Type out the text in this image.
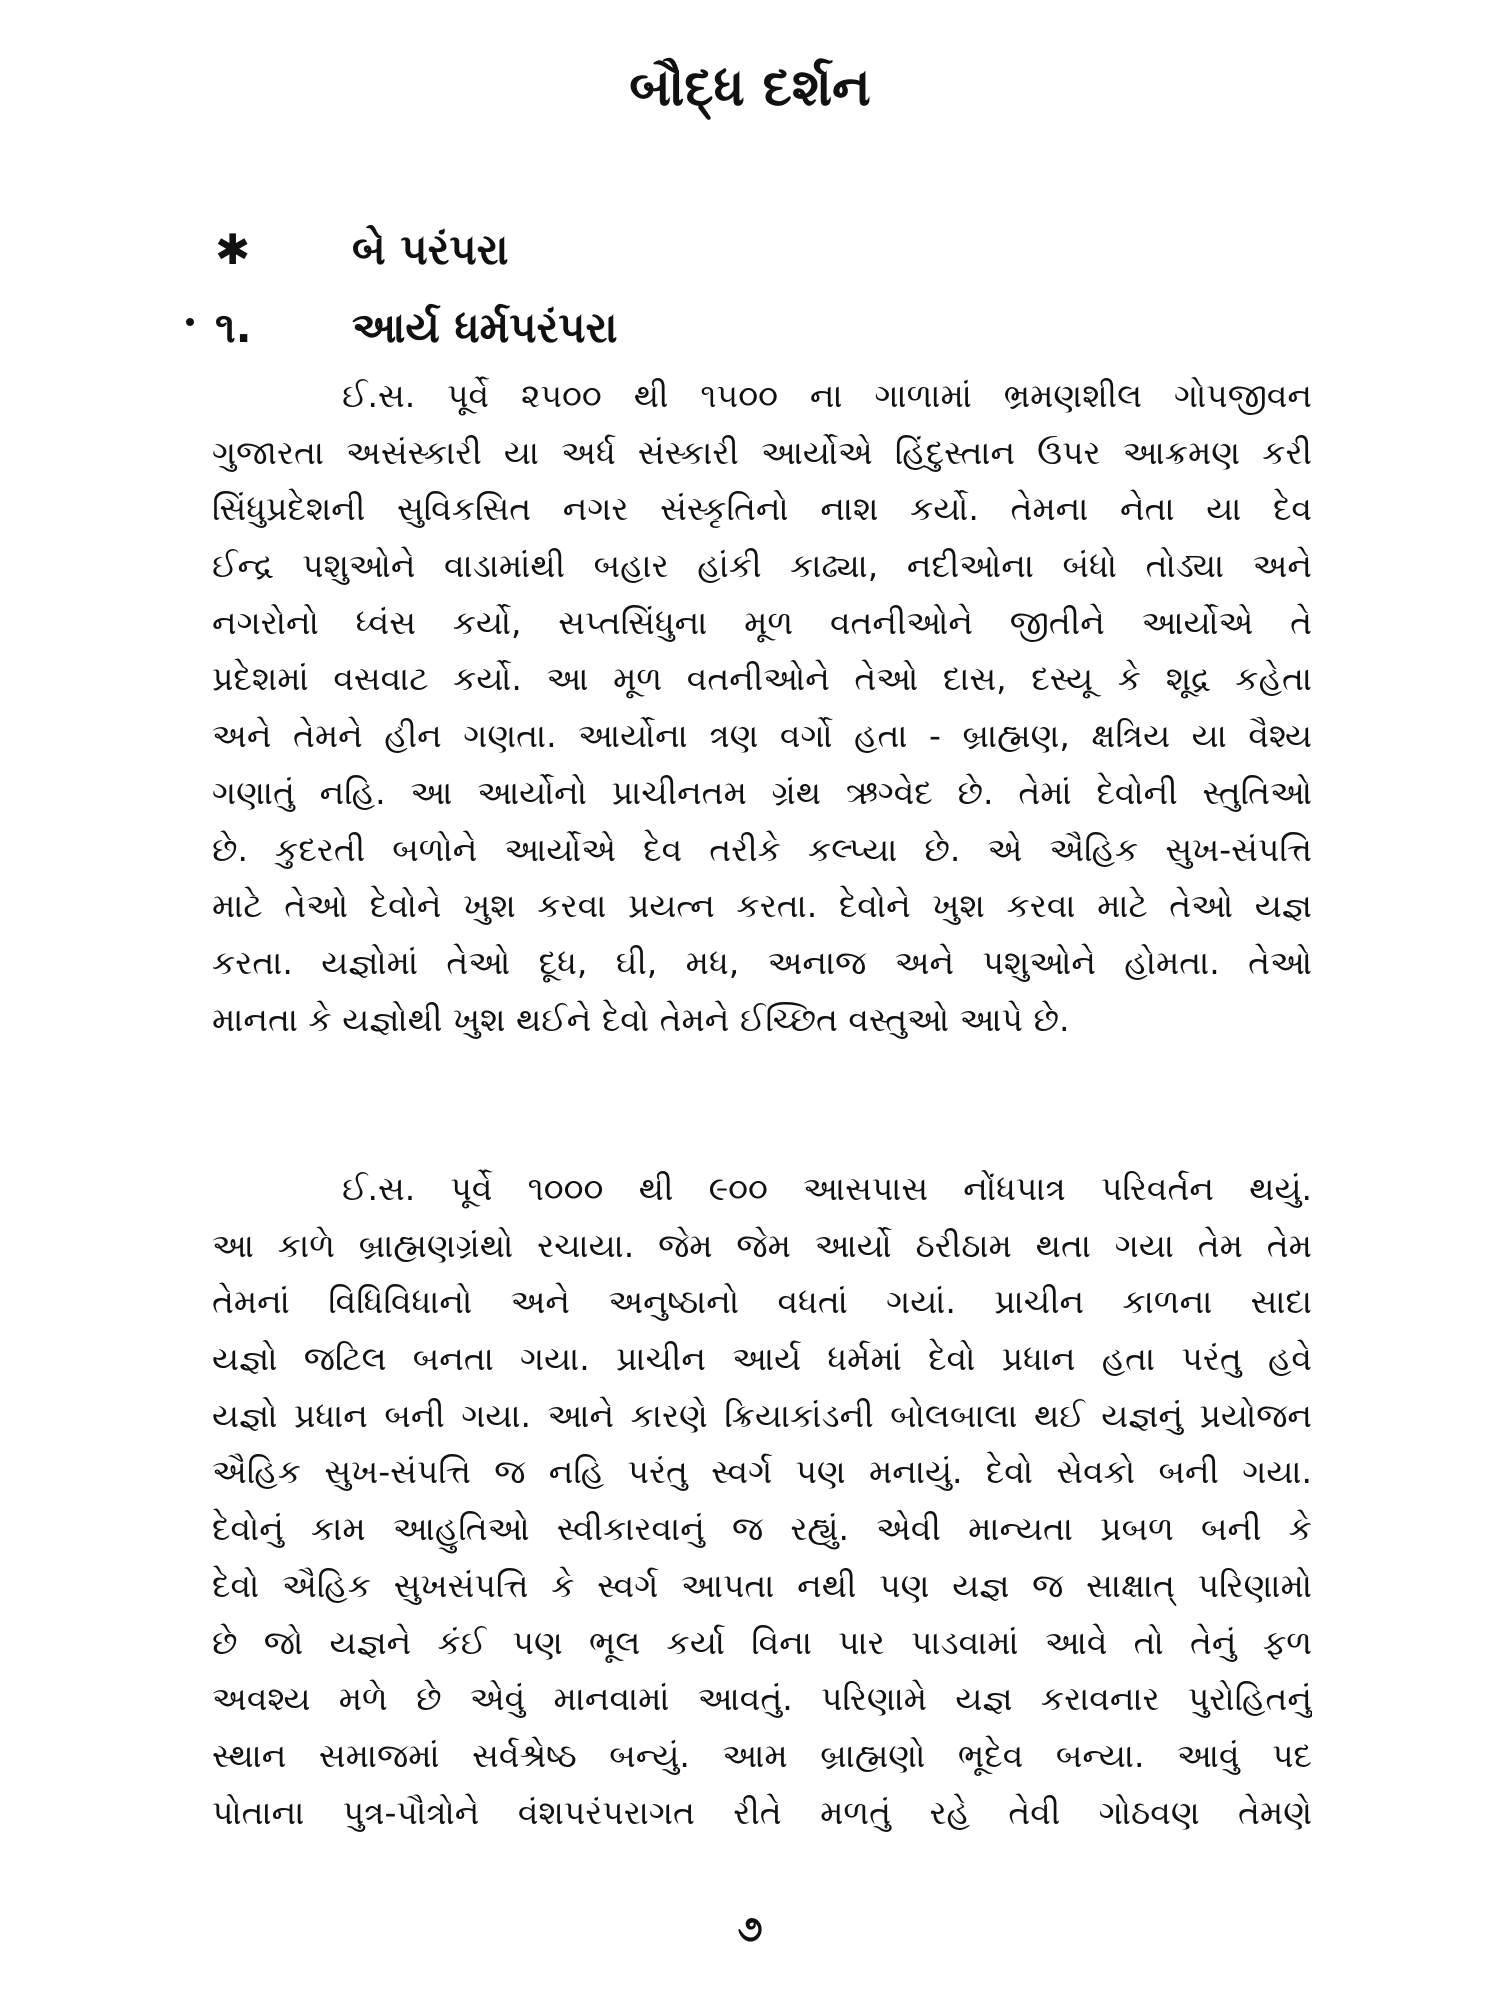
બૌદ્ધ દર્શન
✱	બે પરંપરા
૧.	આર્ય ધર્મપરંપરા
ઈ.સ. પૂર્વે ૨૫૦૦ થી ૧૫૦૦ ના ગાળામાં ભ્રમણશીલ ગોપજીવન
ગુજારતા અસંસ્કારી યા અર્ધ સંસ્કારી આર્યોએ હિંદુસ્તાન ઉપર આક્રમણ કરી
સિંધુપ્રદેશની સુવિકસિત નગર સંસ્કૃતિનો નાશ કર્યો. તેમના નેતા યા દેવ
ઈન્દ્ર પશુઓને વાડામાંથી બહાર હાંકી કાઢ્યા, નદીઓના બંધો તોડ્યા અને
નગરોનો ધ્વંસ કર્યો, સપ્તસિંધુના મૂળ વતનીઓને જીતીને આર્યોએ તે
પ્રદેશમાં વસવાટ કર્યો. આ મૂળ વતનીઓને તેઓ દાસ, દસ્યૂ કે શૂદ્ર કહેતા
અને તેમને હીન ગણતા. આર્યોના ત્રણ વર્ગો હતા - બ્રાહ્મણ, ક્ષત્રિય યા વૈશ્ય
ગણાતું નહિ. આ આર્યોનો પ્રાચીનતમ ગ્રંથ ઋગ્વેદ છે. તેમાં દેવોની સ્તુતિઓ
છે. કુદરતી બળોને આર્યોએ દેવ તરીકે કલ્પ્યા છે. એ ઐહિક સુખ-સંપત્તિ
માટે તેઓ દેવોને ખુશ કરવા પ્રયત્ન કરતા. દેવોને ખુશ કરવા માટે તેઓ યજ્ઞ
કરતા. યજ્ઞોમાં તેઓ દૂધ, ઘી, મધ, અનાજ અને પશુઓને હોમતા. તેઓ
માનતા કે યજ્ઞોથી ખુશ થઈને દેવો તેમને ઈચ્છિત વસ્તુઓ આપે છે.
ઈ.સ. પૂર્વે ૧૦૦૦ થી ૯૦૦ આસપાસ નોંધપાત્ર પરિવર્તન થયું.
આ કાળે બ્રાહ્મણગ્રંથો રચાયા. જેમ જેમ આર્યો ઠરીઠામ થતા ગયા તેમ તેમ
તેમનાં વિધિવિધાનો અને અનુષ્ઠાનો વધતાં ગયાં. પ્રાચીન કાળના સાદા
યજ્ઞો જટિલ બનતા ગયા. પ્રાચીન આર્ય ધર્મમાં દેવો પ્રધાન હતા પરંતુ હવે
યજ્ઞો પ્રધાન બની ગયા. આને કારણે ક્રિયાકાંડની બોલબાલા થઈ યજ્ઞનું પ્રયોજન
ઐહિક સુખ-સંપત્તિ જ નહિ પરંતુ સ્વર્ગ પણ મનાયું. દેવો સેવકો બની ગયા.
દેવોનું કામ આહુતિઓ સ્વીકારવાનું જ રહ્યું. એવી માન્યતા પ્રબળ બની કે
દેવો ઐહિક સુખસંપત્તિ કે સ્વર્ગ આપતા નથી પણ યજ્ઞ જ સાક્ષાત્ પરિણામો
છે જો યજ્ઞને કંઈ પણ ભૂલ કર્યા વિના પાર પાડવામાં આવે તો તેનું ફળ
અવશ્ય મળે છે એવું માનવામાં આવતું. પરિણામે યજ્ઞ કરાવનાર પુરોહિતનું
સ્થાન સમાજમાં સર્વશ્રેષ્ઠ બન્યું. આમ બ્રાહ્મણો ભૂદેવ બન્યા. આવું પદ
પોતાના પુત્ર-પૌત્રોને વંશપરંપરાગત રીતે મળતું રહે તેવી ગોઠવણ તેમણે
૭
